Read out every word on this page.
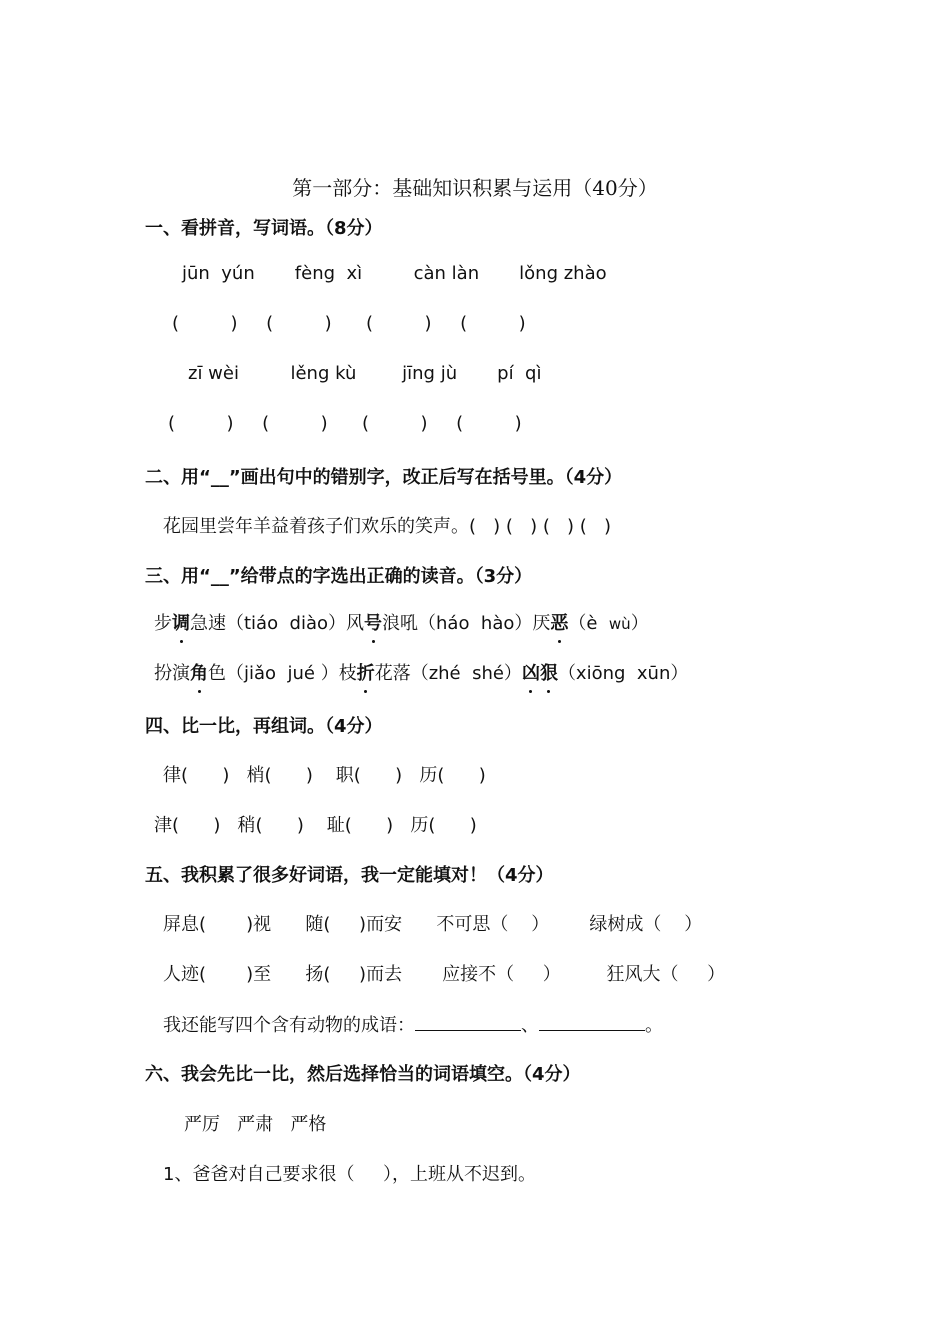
第一部分：基础知识积累与运用（40分）
一、看拼音，写词语。（8分）
jūn  yún       fèng  xì         càn làn       lǒng zhào
(         )     (         )      (         )     (         )
zī wèi         lěng kù        jīng jù       pí  qì
(         )     (         )      (         )     (         )
二、用“__”画出句中的错别字，改正后写在括号里。（4分）
花园里尝年羊益着孩子们欢乐的笑声。(   ) (   ) (   ) (   )
三、用“__”给带点的字选出正确的读音。（3分）
步调急速（tiáo  diào）风号浪吼（háo  hào）厌恶（è  wù）
扮演角色（jiǎo  jué ）枝折花落（zhé  shé）凶狠（xiōng  xūn）
四、比一比，再组词。（4分）
律(      )   梢(      )    职(      )   历(      )
津(      )   稍(      )    耻(      )   历(      )
五、我积累了很多好词语，我一定能填对！（4分）
屏息(       )视      随(     )而安      不可思（    ）       绿树成（    ）
人迹(       )至      扬(     )而去       应接不（     ）        狂风大（     ）
我还能写四个含有动物的成语：	、	。
六、我会先比一比，然后选择恰当的词语填空。（4分）
严厉   严肃   严格
1、爸爸对自己要求很（     ），上班从不迟到。
